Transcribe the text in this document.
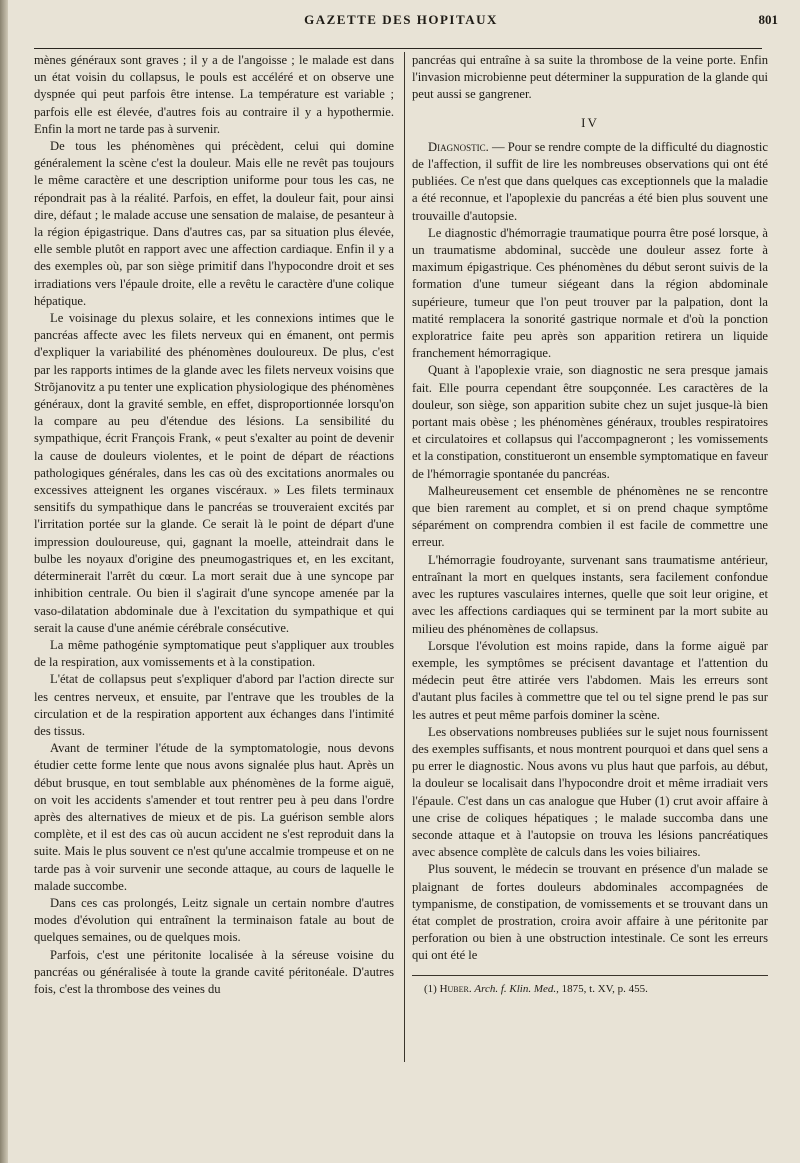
GAZETTE DES HOPITAUX	801

mènes généraux sont graves ; il y a de l'angoisse ; le malade est dans un état voisin du collapsus, le pouls est accéléré et on observe une dyspnée qui peut parfois être intense. La température est variable ; parfois elle est élevée, d'autres fois au contraire il y a hypothermie. Enfin la mort ne tarde pas à survenir.

De tous les phénomènes qui précèdent, celui qui domine généralement la scène c'est la douleur. Mais elle ne revêt pas toujours le même caractère et une description uniforme pour tous les cas, ne répondrait pas à la réalité. Parfois, en effet, la douleur fait, pour ainsi dire, défaut ; le malade accuse une sensation de malaise, de pesanteur à la région épigastrique. Dans d'autres cas, par sa situation plus élevée, elle semble plutôt en rapport avec une affection cardiaque. Enfin il y a des exemples où, par son siège primitif dans l'hypocondre droit et ses irradiations vers l'épaule droite, elle a revêtu le caractère d'une colique hépatique.

Le voisinage du plexus solaire, et les connexions intimes que le pancréas affecte avec les filets nerveux qui en émanent, ont permis d'expliquer la variabilité des phénomènes douloureux. De plus, c'est par les rapports intimes de la glande avec les filets nerveux voisins que Strõjanovitz a pu tenter une explication physiologique des phénomènes généraux, dont la gravité semble, en effet, disproportionnée lorsqu'on la compare au peu d'étendue des lésions. La sensibilité du sympathique, écrit François Frank, « peut s'exalter au point de devenir la cause de douleurs violentes, et le point de départ de réactions pathologiques générales, dans les cas où des excitations anormales ou excessives atteignent les organes viscéraux. » Les filets terminaux sensitifs du sympathique dans le pancréas se trouveraient excités par l'irritation portée sur la glande. Ce serait là le point de départ d'une impression douloureuse, qui, gagnant la moelle, atteindrait dans le bulbe les noyaux d'origine des pneumogastriques et, en les excitant, déterminerait l'arrêt du cœur. La mort serait due à une syncope par inhibition centrale. Ou bien il s'agirait d'une syncope amenée par la vaso-dilatation abdominale due à l'excitation du sympathique et qui serait la cause d'une anémie cérébrale consécutive.

La même pathogénie symptomatique peut s'appliquer aux troubles de la respiration, aux vomissements et à la constipation.

L'état de collapsus peut s'expliquer d'abord par l'action directe sur les centres nerveux, et ensuite, par l'entrave que les troubles de la circulation et de la respiration apportent aux échanges dans l'intimité des tissus.

Avant de terminer l'étude de la symptomatologie, nous devons étudier cette forme lente que nous avons signalée plus haut. Après un début brusque, en tout semblable aux phénomènes de la forme aiguë, on voit les accidents s'amender et tout rentrer peu à peu dans l'ordre après des alternatives de mieux et de pis. La guérison semble alors complète, et il est des cas où aucun accident ne s'est reproduit dans la suite. Mais le plus souvent ce n'est qu'une accalmie trompeuse et on ne tarde pas à voir survenir une seconde attaque, au cours de laquelle le malade succombe.

Dans ces cas prolongés, Leitz signale un certain nombre d'autres modes d'évolution qui entraînent la terminaison fatale au bout de quelques semaines, ou de quelques mois.

Parfois, c'est une péritonite localisée à la séreuse voisine du pancréas ou généralisée à toute la grande cavité péritonéale. D'autres fois, c'est la thrombose des veines du

pancréas qui entraîne à sa suite la thrombose de la veine porte. Enfin l'invasion microbienne peut déterminer la suppuration de la glande qui peut aussi se gangrener.

IV

Diagnostic. — Pour se rendre compte de la difficulté du diagnostic de l'affection, il suffit de lire les nombreuses observations qui ont été publiées. Ce n'est que dans quelques cas exceptionnels que la maladie a été reconnue, et l'apoplexie du pancréas a été bien plus souvent une trouvaille d'autopsie.

Le diagnostic d'hémorragie traumatique pourra être posé lorsque, à un traumatisme abdominal, succède une douleur assez forte à maximum épigastrique. Ces phénomènes du début seront suivis de la formation d'une tumeur siégeant dans la région abdominale supérieure, tumeur que l'on peut trouver par la palpation, dont la matité remplacera la sonorité gastrique normale et d'où la ponction exploratrice faite peu après son apparition retirera un liquide franchement hémorragique.

Quant à l'apoplexie vraie, son diagnostic ne sera presque jamais fait. Elle pourra cependant être soupçonnée. Les caractères de la douleur, son siège, son apparition subite chez un sujet jusque-là bien portant mais obèse ; les phénomènes généraux, troubles respiratoires et circulatoires et collapsus qui l'accompagneront ; les vomissements et la constipation, constitueront un ensemble symptomatique en faveur de l'hémorragie spontanée du pancréas.

Malheureusement cet ensemble de phénomènes ne se rencontre que bien rarement au complet, et si on prend chaque symptôme séparément on comprendra combien il est facile de commettre une erreur.

L'hémorragie foudroyante, survenant sans traumatisme antérieur, entraînant la mort en quelques instants, sera facilement confondue avec les ruptures vasculaires internes, quelle que soit leur origine, et avec les affections cardiaques qui se terminent par la mort subite au milieu des phénomènes de collapsus.

Lorsque l'évolution est moins rapide, dans la forme aiguë par exemple, les symptômes se précisent davantage et l'attention du médecin peut être attirée vers l'abdomen. Mais les erreurs sont d'autant plus faciles à commettre que tel ou tel signe prend le pas sur les autres et peut même parfois dominer la scène.

Les observations nombreuses publiées sur le sujet nous fournissent des exemples suffisants, et nous montrent pourquoi et dans quel sens a pu errer le diagnostic. Nous avons vu plus haut que parfois, au début, la douleur se localisait dans l'hypocondre droit et même irradiait vers l'épaule. C'est dans un cas analogue que Huber (1) crut avoir affaire à une crise de coliques hépatiques ; le malade succomba dans une seconde attaque et à l'autopsie on trouva les lésions pancréatiques avec absence complète de calculs dans les voies biliaires.

Plus souvent, le médecin se trouvant en présence d'un malade se plaignant de fortes douleurs abdominales accompagnées de tympanisme, de constipation, de vomissements et se trouvant dans un état complet de prostration, croira avoir affaire à une péritonite par perforation ou bien à une obstruction intestinale. Ce sont les erreurs qui ont été le

(1) Huber. Arch. f. Klin. Med., 1875, t. XV, p. 455.
